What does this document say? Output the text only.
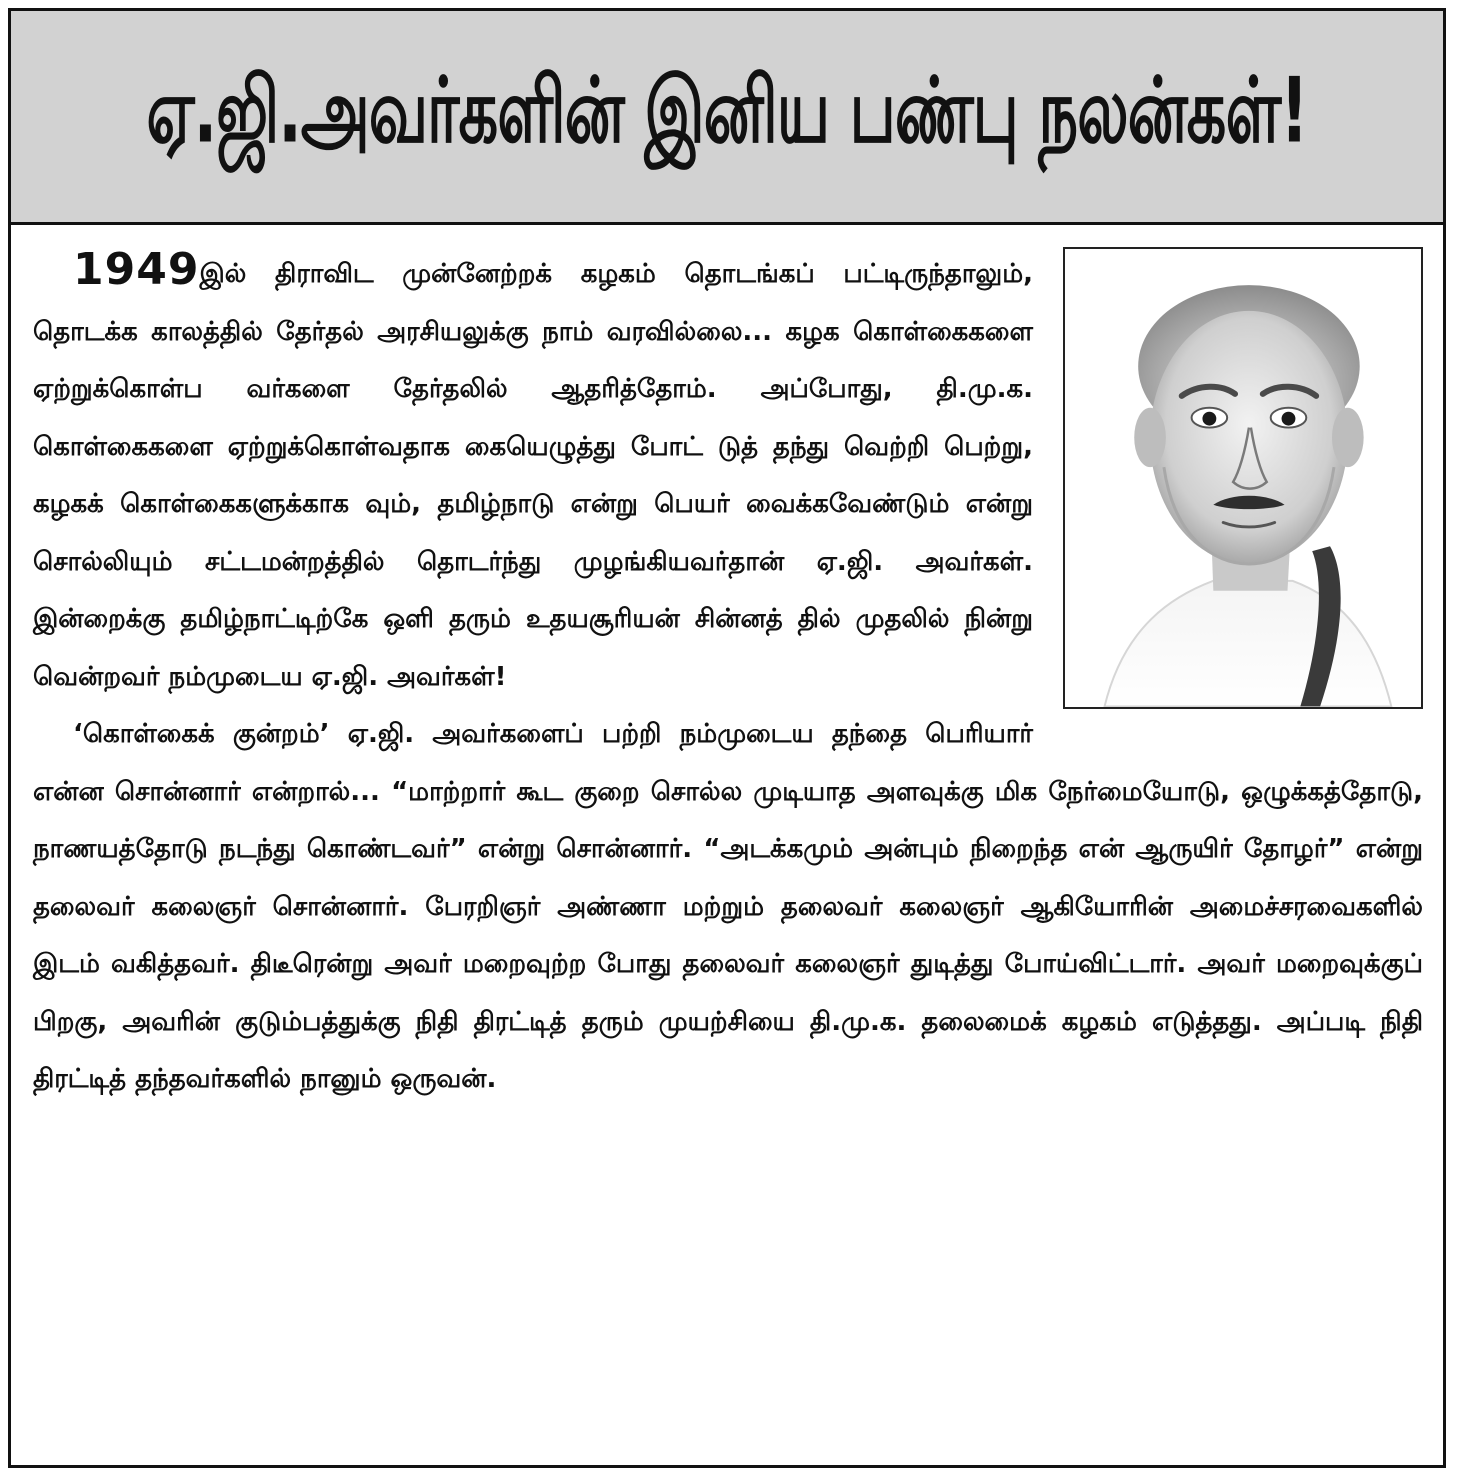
ஏ.ஜி.அவர்களின் இனிய பண்பு நலன்கள்!

1949இல் திராவிட முன்னேற்றக் கழகம் தொடங்கப் பட்டிருந்தாலும், தொடக்க காலத்தில் தேர்தல் அரசியலுக்கு நாம் வரவில்லை... கழக கொள்கைகளை ஏற்றுக்கொள்ப வர்களை தேர்தலில் ஆதரித்தோம். அப்போது, தி.மு.க. கொள்கைகளை ஏற்றுக்கொள்வதாக கையெழுத்து போட் டுத் தந்து வெற்றி பெற்று, கழகக் கொள்கைகளுக்காக வும், தமிழ்நாடு என்று பெயர் வைக்கவேண்டும் என்று சொல்லியும் சட்டமன்றத்தில் தொடர்ந்து முழங்கியவர்தான் ஏ.ஜி. அவர்கள். இன்றைக்கு தமிழ்நாட்டிற்கே ஒளி தரும் உதயசூரியன் சின்னத் தில் முதலில் நின்று வென்றவர் நம்முடைய ஏ.ஜி. அவர்கள்!

‘கொள்கைக் குன்றம்’ ஏ.ஜி. அவர்களைப் பற்றி நம்முடைய தந்தை பெரியார் என்ன சொன்னார் என்றால்... “மாற்றார் கூட குறை சொல்ல முடியாத அளவுக்கு மிக நேர்மையோடு, ஒழுக்கத்தோடு, நாணயத்தோடு நடந்து கொண்டவர்” என்று சொன்னார். “அடக்கமும் அன்பும் நிறைந்த என் ஆருயிர் தோழர்” என்று தலைவர் கலைஞர் சொன்னார். பேரறிஞர் அண்ணா மற்றும் தலைவர் கலைஞர் ஆகியோரின் அமைச்சரவைகளில் இடம் வகித்தவர். திடீரென்று அவர் மறைவுற்ற போது தலைவர் கலைஞர் துடித்து போய்விட்டார். அவர் மறைவுக்குப் பிறகு, அவரின் குடும்பத்துக்கு நிதி திரட்டித் தரும் முயற்சியை தி.மு.க. தலைமைக் கழகம் எடுத்தது. அப்படி நிதி திரட்டித் தந்தவர்களில் நானும் ஒருவன்.
